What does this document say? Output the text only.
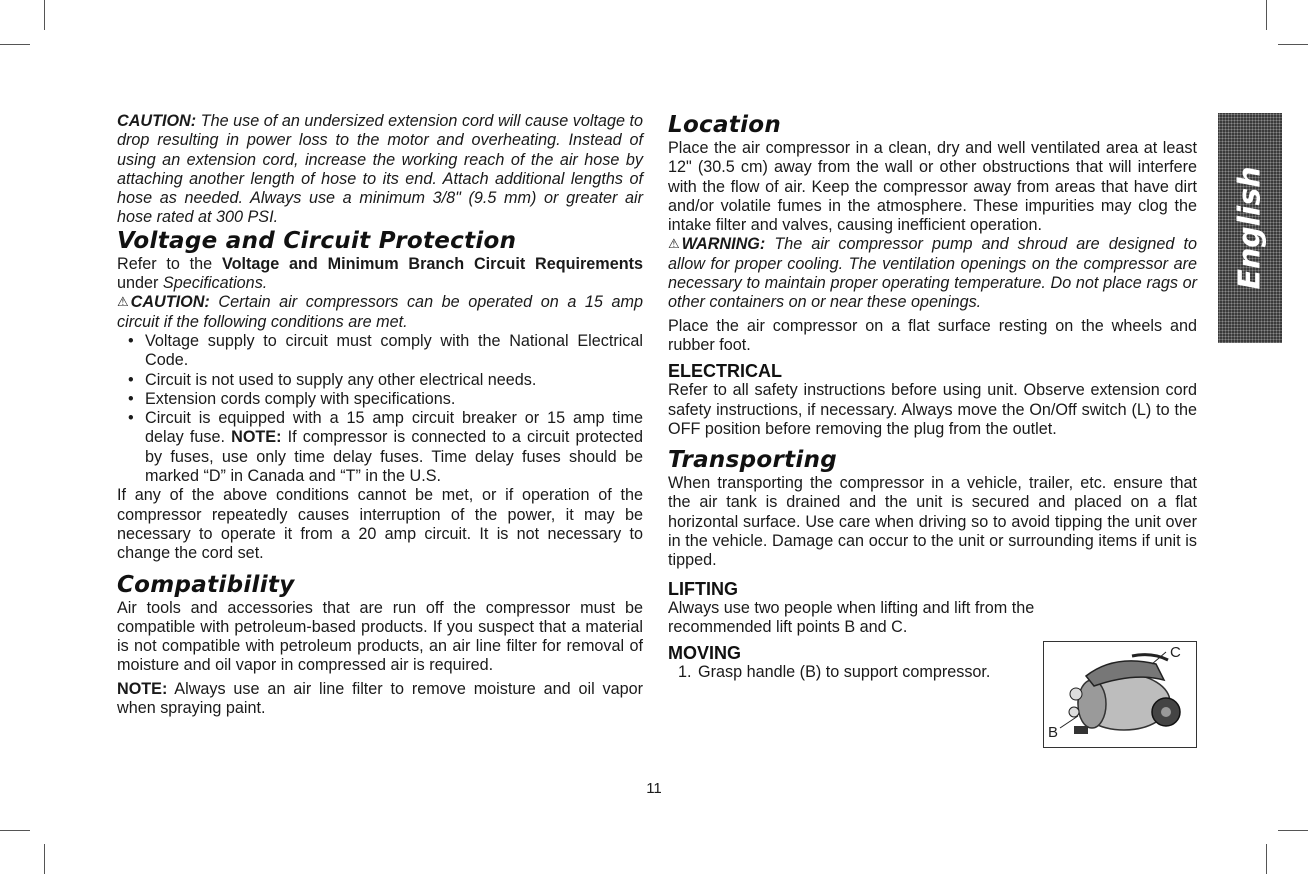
CAUTION: The use of an undersized extension cord will cause voltage to drop resulting in power loss to the motor and overheating. Instead of using an extension cord, increase the working reach of the air hose by attaching another length of hose to its end. Attach additional lengths of hose as needed. Always use a minimum 3/8" (9.5 mm) or greater air hose rated at 300 PSI.

Voltage and Circuit Protection

Refer to the Voltage and Minimum Branch Circuit Requirements under Specifications.

⚠ CAUTION: Certain air compressors can be operated on a 15 amp circuit if the following conditions are met.

• Voltage supply to circuit must comply with the National Electrical Code.
• Circuit is not used to supply any other electrical needs.
• Extension cords comply with specifications.
• Circuit is equipped with a 15 amp circuit breaker or 15 amp time delay fuse. NOTE: If compressor is connected to a circuit protected by fuses, use only time delay fuses. Time delay fuses should be marked “D” in Canada and “T” in the U.S.

If any of the above conditions cannot be met, or if operation of the compressor repeatedly causes interruption of the power, it may be necessary to operate it from a 20 amp circuit. It is not necessary to change the cord set.

Compatibility

Air tools and accessories that are run off the compressor must be compatible with petroleum-based products. If you suspect that a material is not compatible with petroleum products, an air line filter for removal of moisture and oil vapor in compressed air is required.

NOTE: Always use an air line filter to remove moisture and oil vapor when spraying paint.

Location

Place the air compressor in a clean, dry and well ventilated area at least 12" (30.5 cm) away from the wall or other obstructions that will interfere with the flow of air. Keep the compressor away from areas that have dirt and/or volatile fumes in the atmosphere. These impurities may clog the intake filter and valves, causing inefficient operation.

⚠ WARNING: The air compressor pump and shroud are designed to allow for proper cooling. The ventilation openings on the compressor are necessary to maintain proper operating temperature. Do not place rags or other containers on or near these openings.

Place the air compressor on a flat surface resting on the wheels and rubber foot.

ELECTRICAL

Refer to all safety instructions before using unit. Observe extension cord safety instructions, if necessary. Always move the On/Off switch (L) to the OFF position before removing the plug from the outlet.

Transporting

When transporting the compressor in a vehicle, trailer, etc. ensure that the air tank is drained and the unit is secured and placed on a flat horizontal surface. Use care when driving so to avoid tipping the unit over in the vehicle. Damage can occur to the unit or surrounding items if unit is tipped.

LIFTING

Always use two people when lifting and lift from the recommended lift points B and C.

MOVING
1. Grasp handle (B) to support compressor.
English
C
B
11
